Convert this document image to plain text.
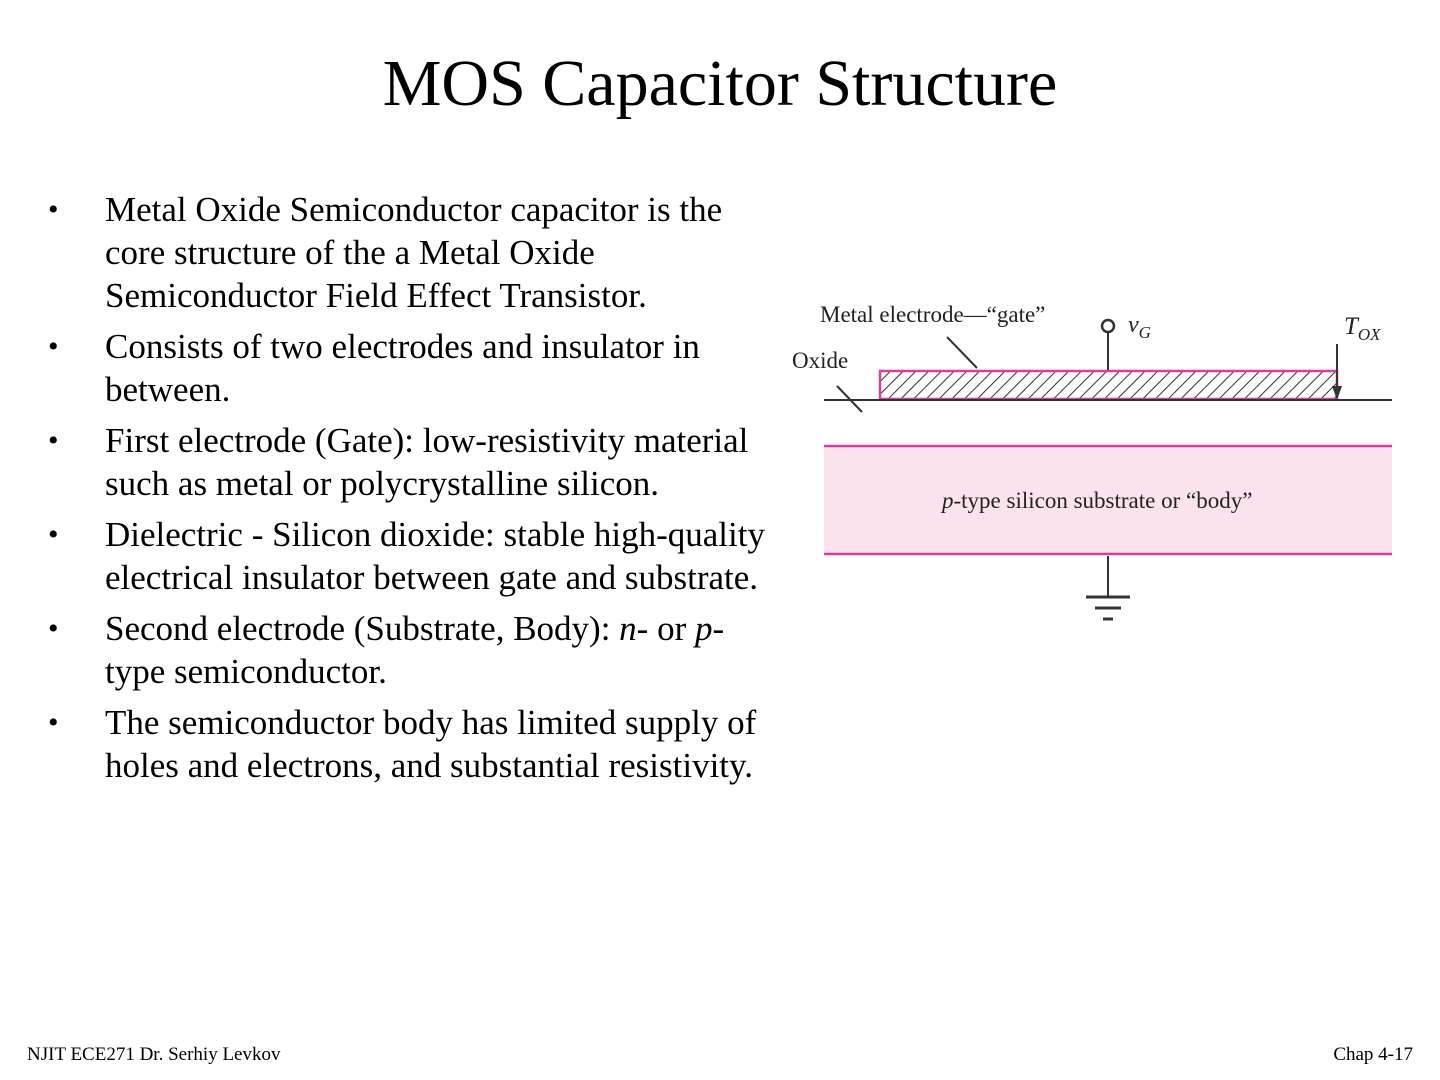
MOS Capacitor Structure
• Metal Oxide Semiconductor capacitor is the core structure of the a Metal Oxide Semiconductor Field Effect Transistor.
• Consists of two electrodes and insulator in between.
• First electrode (Gate): low-resistivity material such as metal or polycrystalline silicon.
• Dielectric - Silicon dioxide: stable high-quality electrical insulator between gate and substrate.
• Second electrode (Substrate, Body): n- or p-type semiconductor.
• The semiconductor body has limited supply of holes and electrons, and substantial resistivity.
Metal electrode—“gate”
Oxide
$v_G$	$T_{OX}$
p-type silicon substrate or “body”
NJIT ECE271 Dr. Serhiy Levkov	Chap 4-17
